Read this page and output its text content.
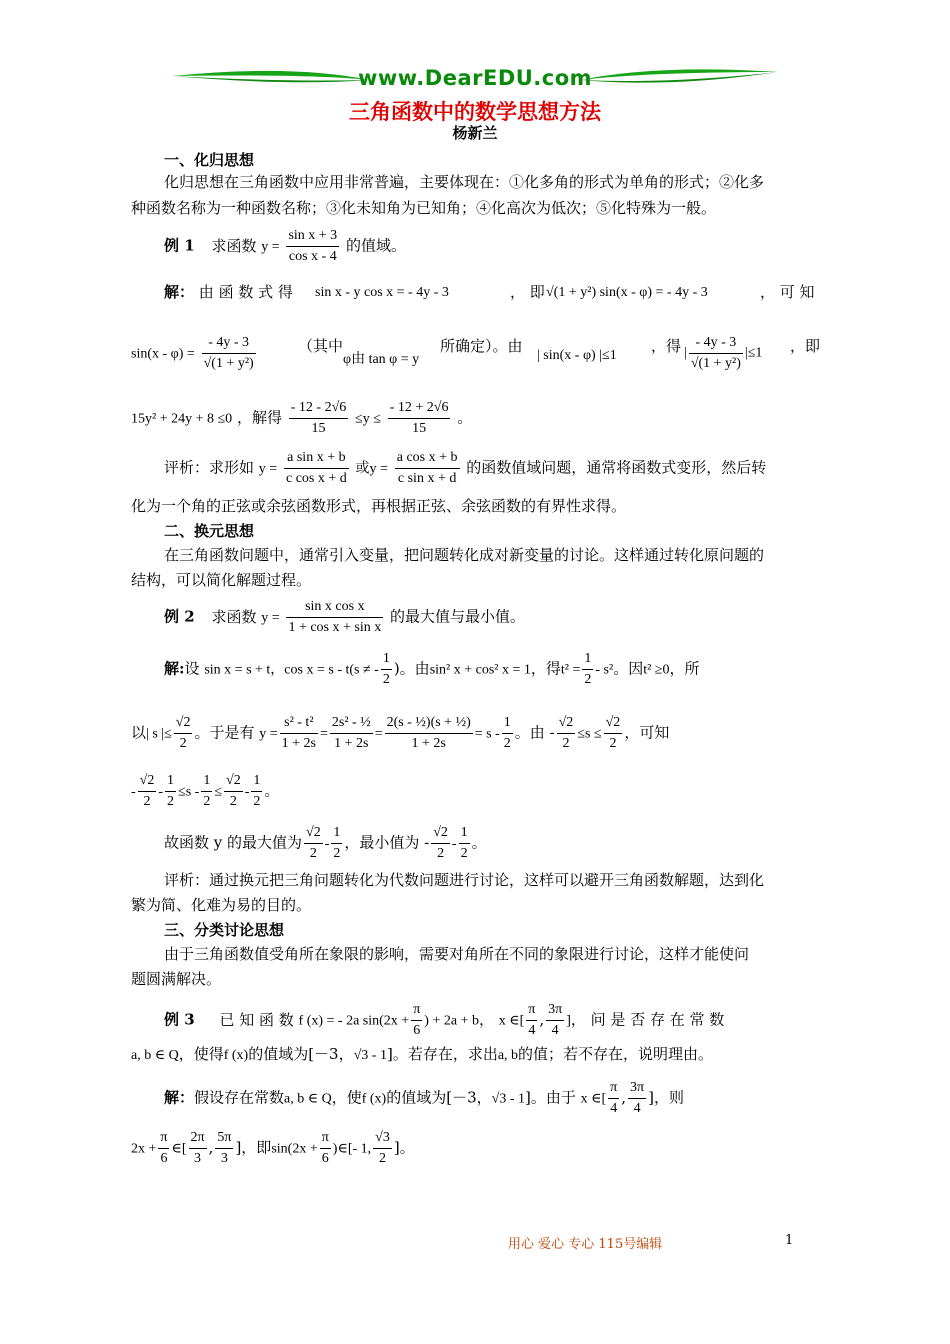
www.DearEDU.com
三角函数中的数学思想方法
杨新兰
一、化归思想
化归思想在三角函数中应用非常普遍，主要体现在：①化多角的形式为单角的形式；②化多
种函数名称为一种函数名称；③化未知角为已知角；④化高次为低次；⑤化特殊为一般。
例 1 求函数 $y = \frac{\text{sin x + 3}}{\text{cos x - 4}}$ 的值域。
解： 由 函 数 式 得 sin x - y cos x = - 4y - 3	， 即 √(1 + y²) sin(x - φ) = - 4y - 3	， 可 知
$\sin(x - \varphi) = \frac{- 4y - 3}{\text{√(1 + y²)}}$	（其中
φ由 tan φ = y
所确定）。由
| sin(x - φ) |≤1
，得 | $\frac{- 4y - 3}{\text{√(1 + y²)}} |\le 1$ ，即
15y² + 24y + 8 ≤0 ，解得 $\frac{- 12 - 2√6}{15} \le y \le \frac{- 12 + 2√6}{15}$ 。
评析：求形如 $y = \frac{\text{a sin x + b}}{\text{c cos x + d}}$ 或$y = \frac{\text{a cos x + b}}{\text{c sin x + d}}$ 的函数值域问题，通常将函数式变形，然后转
化为一个角的正弦或余弦函数形式，再根据正弦、余弦函数的有界性求得。
二、换元思想
在三角函数问题中，通常引入变量，把问题转化成对新变量的讨论。这样通过转化原问题的
结构，可以简化解题过程。
例 2 求函数 $y = \frac{\text{sin x cos x}}{\text{1 + cos x + sin x}}$ 的最大值与最小值。
解:设 sin x = s + t，cos x = s - t(s ≠ - $\frac{1}{2}$ )。由sin² x + cos² x = 1，得$t^2 = \frac{1}{2} - s^2$。因t² ≥0，所
以| s |≤ $\frac{√2}{2}$ 。于是有 $y = \frac{\text{s² - t²}}{1 + 2s} = \frac{\text{2s² - ½}}{1 + 2s} = \frac{\text{2(s - ½)(s + ½)}}{1 + 2s} = s - \frac{1}{2}$ 。由 - $\frac{√2}{2} \le s \le \frac{√2}{2}$ ，可知
- $\frac{√2}{2} - \frac{1}{2} \le s - \frac{1}{2} \le \frac{√2}{2} - \frac{1}{2}$ 。
故函数 y 的最大值为 $\frac{√2}{2} - \frac{1}{2}$ ，最小值为 - $\frac{√2}{2} - \frac{1}{2}$ 。
评析：通过换元把三角问题转化为代数问题进行讨论，这样可以避开三角函数解题，达到化
繁为简、化难为易的目的。
三、分类讨论思想
由于三角函数值受角所在象限的影响，需要对角所在不同的象限进行讨论，这样才能使问
题圆满解决。
例 3 已 知 函 数 f (x) = - 2a $\sin(2x + \frac{\pi}{6}$ ) + 2a + b， x ∈[ $\frac{\pi}{4}$ , $\frac{3\pi}{4}$ ]， 问 是 否 存 在 常 数
a, b ∈ Q，使得f (x)的值域为[－3，√3 - 1]。若存在，求出a, b的值；若不存在，说明理由。
解：假设存在常数a, b ∈ Q，使f (x)的值域为[－3，√3 - 1]。由于 x ∈[ $\frac{\pi}{4}$ , $\frac{3\pi}{4}$ ]，则
$2x + \frac{\pi}{6}$ ∈[ $\frac{2\pi}{3}$ , $\frac{5\pi}{3}$ ]，即$\sin(2x + \frac{\pi}{6}$ )∈[- 1, $\frac{√3}{2}$ ]。
用心 爱心 专心 115号编辑	1
